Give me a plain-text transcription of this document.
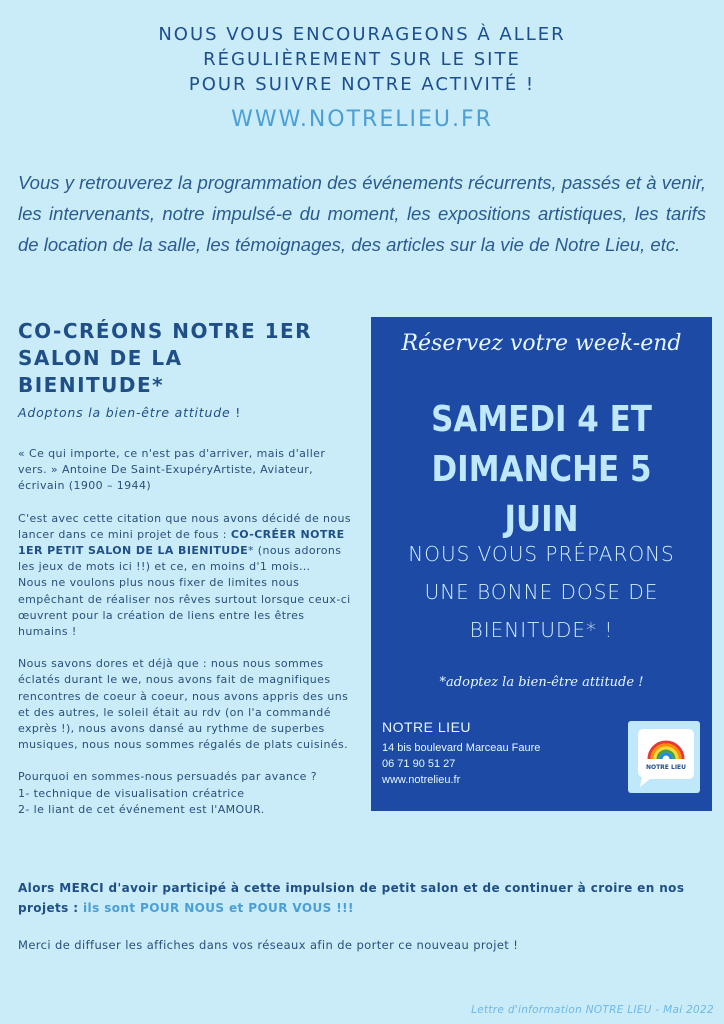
NOUS VOUS ENCOURAGEONS À ALLER
RÉGULIÈREMENT SUR LE SITE
POUR SUIVRE NOTRE ACTIVITÉ !
WWW.NOTRELIEU.FR
Vous y retrouverez la programmation des événements récurrents, passés et à venir, les intervenants, notre impulsé-e du moment, les expositions artistiques, les tarifs de location de la salle, les témoignages, des articles sur la vie de Notre Lieu, etc.
CO-CRÉONS NOTRE 1ER
SALON DE LA
BIENITUDE*
Adoptons la bien-être attitude !

« Ce qui importe, ce n'est pas d'arriver, mais d'aller vers. » Antoine De Saint-ExupéryArtiste, Aviateur, écrivain (1900 – 1944)

C'est avec cette citation que nous avons décidé de nous lancer dans ce mini projet de fous : CO-CRÉER NOTRE 1ER PETIT SALON DE LA BIENITUDE* (nous adorons les jeux de mots ici !!) et ce, en moins d'1 mois…
Nous ne voulons plus nous fixer de limites nous empêchant de réaliser nos rêves surtout lorsque ceux-ci œuvrent pour la création de liens entre les êtres humains !

Nous savons dores et déjà que : nous nous sommes éclatés durant le we, nous avons fait de magnifiques rencontres de coeur à coeur, nous avons appris des uns et des autres, le soleil était au rdv (on l'a commandé exprès !), nous avons dansé au rythme de superbes musiques, nous nous sommes régalés de plats cuisinés.

Pourquoi en sommes-nous persuadés par avance ?
1- technique de visualisation créatrice
2- le liant de cet événement est l'AMOUR.

Réservez votre week-end
SAMEDI 4 ET
DIMANCHE 5 JUIN
NOUS VOUS PRÉPARONS
UNE BONNE DOSE DE
BIENITUDE* !
*adoptez la bien-être attitude !
NOTRE LIEU
14 bis boulevard Marceau Faure
06 71 90 51 27
www.notrelieu.fr
NOTRE LIEU
Alors MERCI d'avoir participé à cette impulsion de petit salon et de continuer à croire en nos projets : ils sont POUR NOUS et POUR VOUS !!!
Merci de diffuser les affiches dans vos réseaux afin de porter ce nouveau projet !
Lettre d'information NOTRE LIEU - Mai 2022
